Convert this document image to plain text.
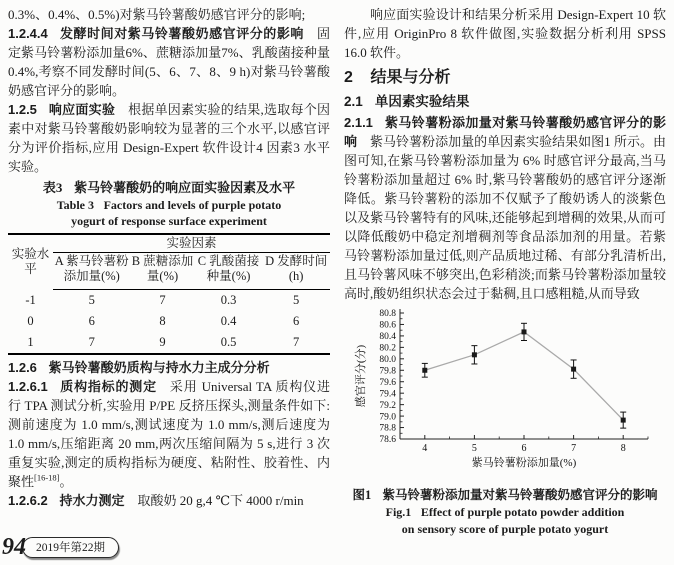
0.3%、0.4%、0.5%)对紫马铃薯酸奶感官评分的影响;

1.2.4.4 发酵时间对紫马铃薯酸奶感官评分的影响 固定紫马铃薯粉添加量6%、蔗糖添加量7%、乳酸菌接种量0.4%,考察不同发酵时间(5、6、7、8、9 h)对紫马铃薯酸奶感官评分的影响。

1.2.5 响应面实验 根据单因素实验的结果,选取每个因素中对紫马铃薯酸奶影响较为显著的三个水平,以感官评分为评价指标,应用 Design-Expert 软件设计4 因素3 水平实验。

表3 紫马铃薯酸奶的响应面实验因素及水平
Table 3 Factors and levels of purple potato
yogurt of response surface experiment
实验水平	实验因素			
	A 紫马铃薯粉添加量(%)	B 蔗糖添加量(%)	C 乳酸菌接种量(%)	D 发酵时间(h)
-1	5	7	0.3	5
0	6	8	0.4	6
1	7	9	0.5	7
1.2.6 紫马铃薯酸奶质构与持水力主成分分析

1.2.6.1 质构指标的测定 采用 Universal TA 质构仪进行 TPA 测试分析,实验用 P/PE 反挤压探头,测量条件如下:测前速度为 1.0 mm/s,测试速度为 1.0 mm/s,测后速度为 1.0 mm/s,压缩距离 20 mm,两次压缩间隔为 5 s,进行 3 次重复实验,测定的质构指标为硬度、粘附性、胶着性、内聚性[16-18]。

1.2.6.2 持水力测定 取酸奶 20 g,4 ℃下 4000 r/min

响应面实验设计和结果分析采用 Design-Expert 10 软件,应用 OriginPro 8 软件做图,实验数据分析利用 SPSS 16.0 软件。

2 结果与分析
2.1 单因素实验结果

2.1.1 紫马铃薯粉添加量对紫马铃薯酸奶感官评分的影响 紫马铃薯粉添加量的单因素实验结果如图1 所示。由图可知,在紫马铃薯粉添加量为 6% 时感官评分最高,当马铃薯粉添加量超过 6% 时,紫马铃薯酸奶的感官评分逐渐降低。紫马铃薯粉的添加不仅赋予了酸奶诱人的淡紫色以及紫马铃薯特有的风味,还能够起到增稠的效果,从而可以降低酸奶中稳定剂增稠剂等食品添加剂的用量。若紫马铃薯粉添加量过低,则产品质地过稀、有部分乳清析出,且马铃薯风味不够突出,色彩稍淡;而紫马铃薯粉添加量较高时,酸奶组织状态会过于黏稠,且口感粗糙,从而导致

78.6
78.8
79.0
79.2
79.4
79.6
79.8
80.0
80.2
80.4
80.6
80.8
4	5	6	7	8
紫马铃薯粉添加量(%)
感官评分(分)
图1 紫马铃薯粉添加量对紫马铃薯酸奶感官评分的影响
Fig.1 Effect of purple potato powder addition
on sensory score of purple potato yogurt
94 2019年第22期
